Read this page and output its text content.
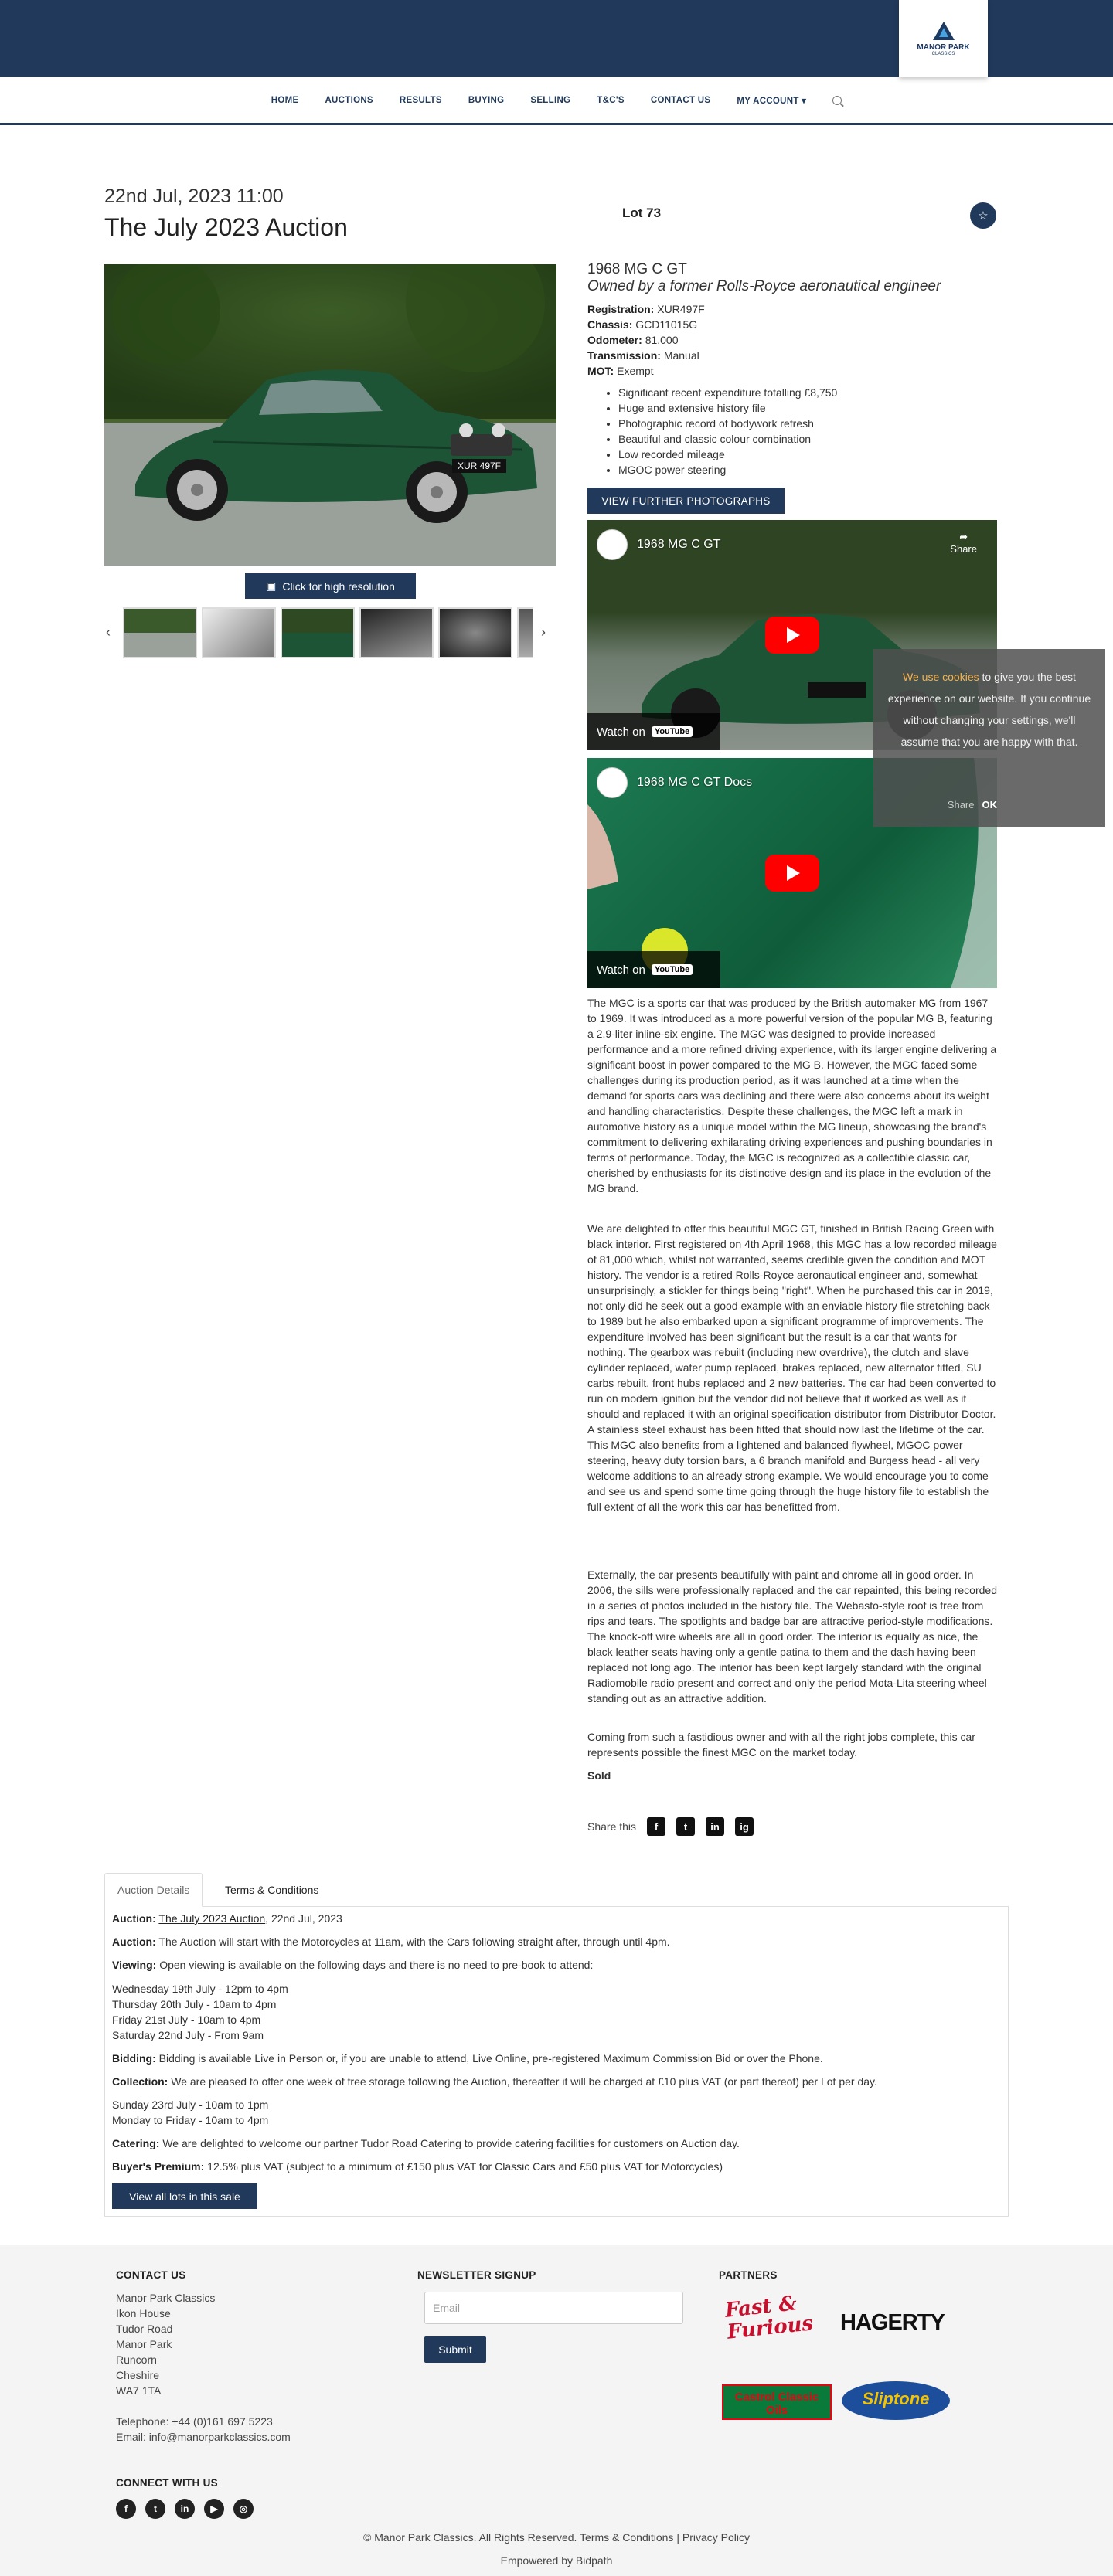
MANOR PARK
CLASSICS
HOME	AUCTIONS	RESULTS	BUYING	SELLING	T&C'S	CONTACT US	MY ACCOUNT ▾
22nd Jul, 2023 11:00
The July 2023 Auction
Lot 73	☆
XUR 497F
▣ Click for high resolution
‹	›
1968 MG C GT
Owned by a former Rolls-Royce aeronautical engineer
Registration: XUR497F
Chassis: GCD11015G
Odometer: 81,000
Transmission: Manual
MOT: Exempt
• Significant recent expenditure totalling £8,750
• Huge and extensive history file
• Photographic record of bodywork refresh
• Beautiful and classic colour combination
• Low recorded mileage
• MGOC power steering
VIEW FURTHER PHOTOGRAPHS
1968 MG C GT
➦
Share
Watch on	YouTube
1968 MG C GT Docs
Watch on	YouTube
We use cookies to give you the best experience on our website. If you continue without changing your settings, we'll assume that you are happy with that.
Share OK

The MGC is a sports car that was produced by the British automaker MG from 1967 to 1969. It was introduced as a more powerful version of the popular MG B, featuring a 2.9-liter inline-six engine. The MGC was designed to provide increased performance and a more refined driving experience, with its larger engine delivering a significant boost in power compared to the MG B. However, the MGC faced some challenges during its production period, as it was launched at a time when the demand for sports cars was declining and there were also concerns about its weight and handling characteristics. Despite these challenges, the MGC left a mark in automotive history as a unique model within the MG lineup, showcasing the brand's commitment to delivering exhilarating driving experiences and pushing boundaries in terms of performance. Today, the MGC is recognized as a collectible classic car, cherished by enthusiasts for its distinctive design and its place in the evolution of the MG brand.

We are delighted to offer this beautiful MGC GT, finished in British Racing Green with black interior. First registered on 4th April 1968, this MGC has a low recorded mileage of 81,000 which, whilst not warranted, seems credible given the condition and MOT history. The vendor is a retired Rolls-Royce aeronautical engineer and, somewhat unsurprisingly, a stickler for things being "right". When he purchased this car in 2019, not only did he seek out a good example with an enviable history file stretching back to 1989 but he also embarked upon a significant programme of improvements. The expenditure involved has been significant but the result is a car that wants for nothing. The gearbox was rebuilt (including new overdrive), the clutch and slave cylinder replaced, water pump replaced, brakes replaced, new alternator fitted, SU carbs rebuilt, front hubs replaced and 2 new batteries. The car had been converted to run on modern ignition but the vendor did not believe that it worked as well as it should and replaced it with an original specification distributor from Distributor Doctor. A stainless steel exhaust has been fitted that should now last the lifetime of the car. This MGC also benefits from a lightened and balanced flywheel, MGOC power steering, heavy duty torsion bars, a 6 branch manifold and Burgess head - all very welcome additions to an already strong example. We would encourage you to come and see us and spend some time going through the huge history file to establish the full extent of all the work this car has benefitted from.

Externally, the car presents beautifully with paint and chrome all in good order. In 2006, the sills were professionally replaced and the car repainted, this being recorded in a series of photos included in the history file. The Webasto-style roof is free from rips and tears. The spotlights and badge bar are attractive period-style modifications. The knock-off wire wheels are all in good order. The interior is equally as nice, the black leather seats having only a gentle patina to them and the dash having been replaced not long ago. The interior has been kept largely standard with the original Radiomobile radio present and correct and only the period Mota-Lita steering wheel standing out as an attractive addition.

Coming from such a fastidious owner and with all the right jobs complete, this car represents possible the finest MGC on the market today.

Sold
Share this	f	t	in	ig
Auction Details	Terms & Conditions
Auction: The July 2023 Auction, 22nd Jul, 2023
Auction: The Auction will start with the Motorcycles at 11am, with the Cars following straight after, through until 4pm.
Viewing: Open viewing is available on the following days and there is no need to pre-book to attend:
Wednesday 19th July - 12pm to 4pm
Thursday 20th July - 10am to 4pm
Friday 21st July - 10am to 4pm
Saturday 22nd July - From 9am
Bidding: Bidding is available Live in Person or, if you are unable to attend, Live Online, pre-registered Maximum Commission Bid or over the Phone.
Collection: We are pleased to offer one week of free storage following the Auction, thereafter it will be charged at £10 plus VAT (or part thereof) per Lot per day.
Sunday 23rd July - 10am to 1pm
Monday to Friday - 10am to 4pm
Catering: We are delighted to welcome our partner Tudor Road Catering to provide catering facilities for customers on Auction day.
Buyer's Premium: 12.5% plus VAT (subject to a minimum of £150 plus VAT for Classic Cars and £50 plus VAT for Motorcycles)
View all lots in this sale
CONTACT US
Manor Park Classics
Ikon House
Tudor Road
Manor Park
Runcorn
Cheshire
WA7 1TA
Telephone: +44 (0)161 697 5223
Email: info@manorparkclassics.com
NEWSLETTER SIGNUP
Email
Submit
PARTNERS
Fast & Furious	HAGERTY
Castrol Classic Oils
Sliptone
CONNECT WITH US
f	t	in	▶	◎
© Manor Park Classics. All Rights Reserved. Terms & Conditions | Privacy Policy
Empowered by Bidpath
